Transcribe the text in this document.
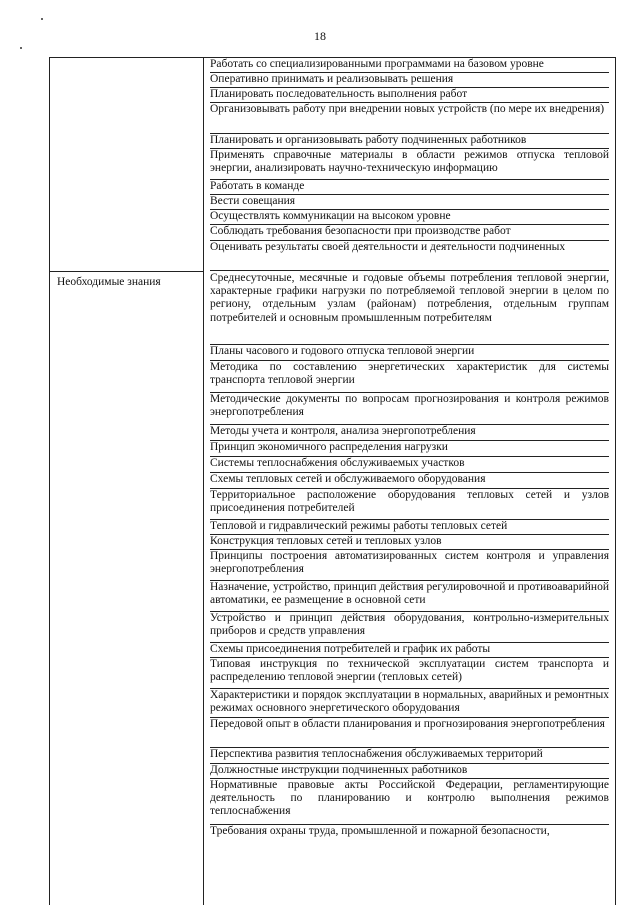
18
Необходимые знания
Работать со специализированными программами на базовом уровне
Оперативно принимать и реализовывать решения
Планировать последовательность выполнения работ
Организовывать работу при внедрении новых устройств (по мере их внедрения)
Планировать и организовывать работу подчиненных работников
Применять справочные материалы в области режимов отпуска тепловой энергии, анализировать научно-техническую информацию
Работать в команде
Вести совещания
Осуществлять коммуникации на высоком уровне
Соблюдать требования безопасности при производстве работ
Оценивать результаты своей деятельности и деятельности подчиненных
Среднесуточные, месячные и годовые объемы потребления тепловой энергии, характерные графики нагрузки по потребляемой тепловой энергии в целом по региону, отдельным узлам (районам) потребления, отдельным группам потребителей и основным промышленным потребителям
Планы часового и годового отпуска тепловой энергии
Методика по составлению энергетических характеристик для системы транспорта тепловой энергии
Методические документы по вопросам прогнозирования и контроля режимов энергопотребления
Методы учета и контроля, анализа энергопотребления
Принцип экономичного распределения нагрузки
Системы теплоснабжения обслуживаемых участков
Схемы тепловых сетей и обслуживаемого оборудования
Территориальное расположение оборудования тепловых сетей и узлов присоединения потребителей
Тепловой и гидравлический режимы работы тепловых сетей
Конструкция тепловых сетей и тепловых узлов
Принципы построения автоматизированных систем контроля и управления энергопотребления
Назначение, устройство, принцип действия регулировочной и противоаварийной автоматики, ее размещение в основной сети
Устройство и принцип действия оборудования, контрольно-измерительных приборов и средств управления
Схемы присоединения потребителей и график их работы
Типовая инструкция по технической эксплуатации систем транспорта и распределению тепловой энергии (тепловых сетей)
Характеристики и порядок эксплуатации в нормальных, аварийных и ремонтных режимах основного энергетического оборудования
Передовой опыт в области планирования и прогнозирования энергопотребления
Перспектива развития теплоснабжения обслуживаемых территорий
Должностные инструкции подчиненных работников
Нормативные правовые акты Российской Федерации, регламентирующие деятельность по планированию и контролю выполнения режимов теплоснабжения
Требования охраны труда, промышленной и пожарной безопасности,
